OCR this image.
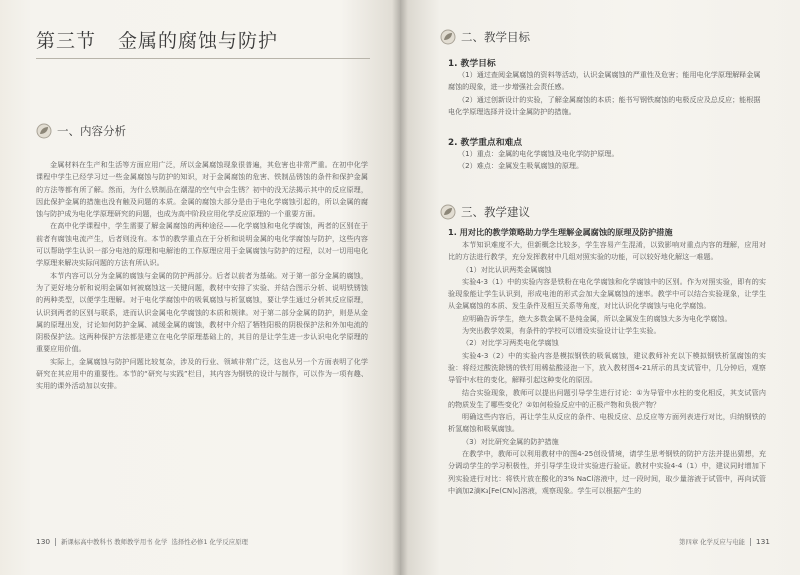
第三节 金属的腐蚀与防护
一、内容分析

金属材料在生产和生活等方面应用广泛，所以金属腐蚀现象很普遍，其危害也非常严重。在初中化学课程中学生已经学习过一些金属腐蚀与防护的知识，对于金属腐蚀的危害、铁制品锈蚀的条件和保护金属的方法等都有所了解。然而，为什么铁制品在潮湿的空气中会生锈？初中的没无法揭示其中的反应原理，因此保护金属的措施也没有触及问题的本质。金属的腐蚀大部分是由于电化学腐蚀引起的，所以金属的腐蚀与防护成为电化学原理研究的问题，也成为高中阶段应用化学反应原理的一个重要方面。

在高中化学课程中，学生需要了解金属腐蚀的两种途径——化学腐蚀和电化学腐蚀，两者的区别在于前者有腐蚀电流产生，后者则没有。本节的教学重点在于分析和说明金属的电化学腐蚀与防护，这些内容可以帮助学生认识一部分电池的原理和电解池的工作原理应用于金属腐蚀与防护的过程，以对一切用电化学原理来解决实际问题的方法有所认识。

本节内容可以分为金属的腐蚀与金属的防护两部分。后者以前者为基础。对于第一部分金属的腐蚀，为了更好地分析和说明金属如何被腐蚀这一关键问题，教材中安排了实验、并结合图示分析、说明铁锈蚀的两种类型，以便学生理解。对于电化学腐蚀中的吸氧腐蚀与析氢腐蚀，要让学生通过分析其反应原理，认识到两者的区别与联系，进而认识金属电化学腐蚀的本质和规律。对于第二部分金属的防护，则是从金属的原理出发，讨论如何防护金属、减缓金属的腐蚀，教材中介绍了牺牲阳极的阴极保护法和外加电流的阴极保护法。这两种保护方法都是建立在电化学原理基础上的，其目的是让学生进一步认识电化学原理的重要应用价值。

实际上，金属腐蚀与防护问题比较复杂，涉及的行业、领域非常广泛，这也从另一个方面表明了化学研究在其应用中的重要性。本节的“研究与实践”栏目，其内容为钢铁的设计与制作，可以作为一项有趣、实用的课外活动加以安排。

130 新课标高中教科书 教师教学用书 化学 选择性必修1 化学反应原理
二、教学目标
1. 教学目标

（1）通过查阅金属腐蚀的资料等活动，认识金属腐蚀的严重性及危害；能用电化学原理解释金属腐蚀的现象，进一步增强社会责任感。

（2）通过创新设计的实验，了解金属腐蚀的本质；能书写钢铁腐蚀的电极反应及总反应；能根据电化学原理选择并设计金属防护的措施。

2. 教学重点和难点

（1）重点：金属的电化学腐蚀及电化学防护原理。

（2）难点：金属发生吸氧腐蚀的原理。

三、教学建议
1. 用对比的教学策略助力学生理解金属腐蚀的原理及防护措施

本节知识难度不大，但新概念比较多，学生容易产生混淆，以致影响对重点内容的理解，应用对比的方法进行教学，充分发挥教材中几组对照实验的功能，可以较好地化解这一难题。

（1）对比认识两类金属腐蚀

实验4-3（1）中的实验内容是铁粉在电化学腐蚀和化学腐蚀中的区别。作为对照实验，即有的实验现象能让学生认识到，形成电池的形式会加大金属腐蚀的速率。教学中可以结合实验现象，让学生从金属腐蚀的本质、发生条件及相互关系等角度，对比认识化学腐蚀与电化学腐蚀。

应明确告诉学生，绝大多数金属不是纯金属，所以金属发生的腐蚀大多为电化学腐蚀。

为突出教学效果，有条件的学校可以增设实验设计让学生实验。

（2）对比学习两类电化学腐蚀

实验4-3（2）中的实验内容是模拟钢铁的吸氧腐蚀，建议教师补充以下模拟钢铁析氢腐蚀的实验：将经过酸洗除锈的铁钉用稀盐酸浸泡一下，放入教材图4-21所示的具支试管中，几分钟后，观察导管中水柱的变化，解释引起这种变化的原因。

结合实验现象，教师可以提出问题引导学生进行讨论：①为导管中水柱的变化相反，其支试管内的物质发生了哪些变化？②如何检验反应中的正极产物和负极产物？

明确这些内容后，再让学生从反应的条件、电极反应、总反应等方面列表进行对比，归纳钢铁的析氢腐蚀和吸氧腐蚀。

（3）对比研究金属的防护措施

在教学中，教师可以利用教材中的图4-25创设情境，请学生思考钢铁的防护方法并提出猜想，充分调动学生的学习积极性，并引导学生设计实验进行验证。教材中实验4-4（1）中，建议同时增加下列实验进行对比：将铁片放在酸化的3% NaCl溶液中，过一段时间，取少量溶液于试管中，再向试管中滴加2滴K₃[Fe(CN)₆]溶液，观察现象。学生可以根据产生的

第四章 化学反应与电能 131
